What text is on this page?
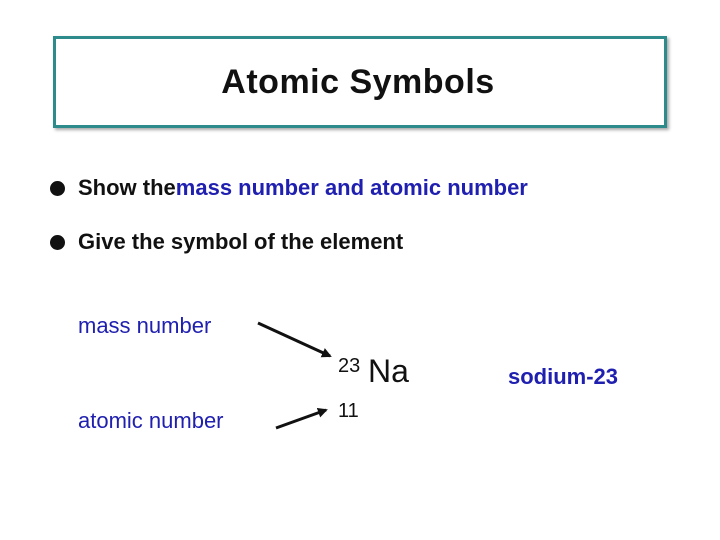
Atomic Symbols
Show the mass number and atomic number
Give the symbol of the element
mass number
atomic number
23 Na
11
sodium-23
